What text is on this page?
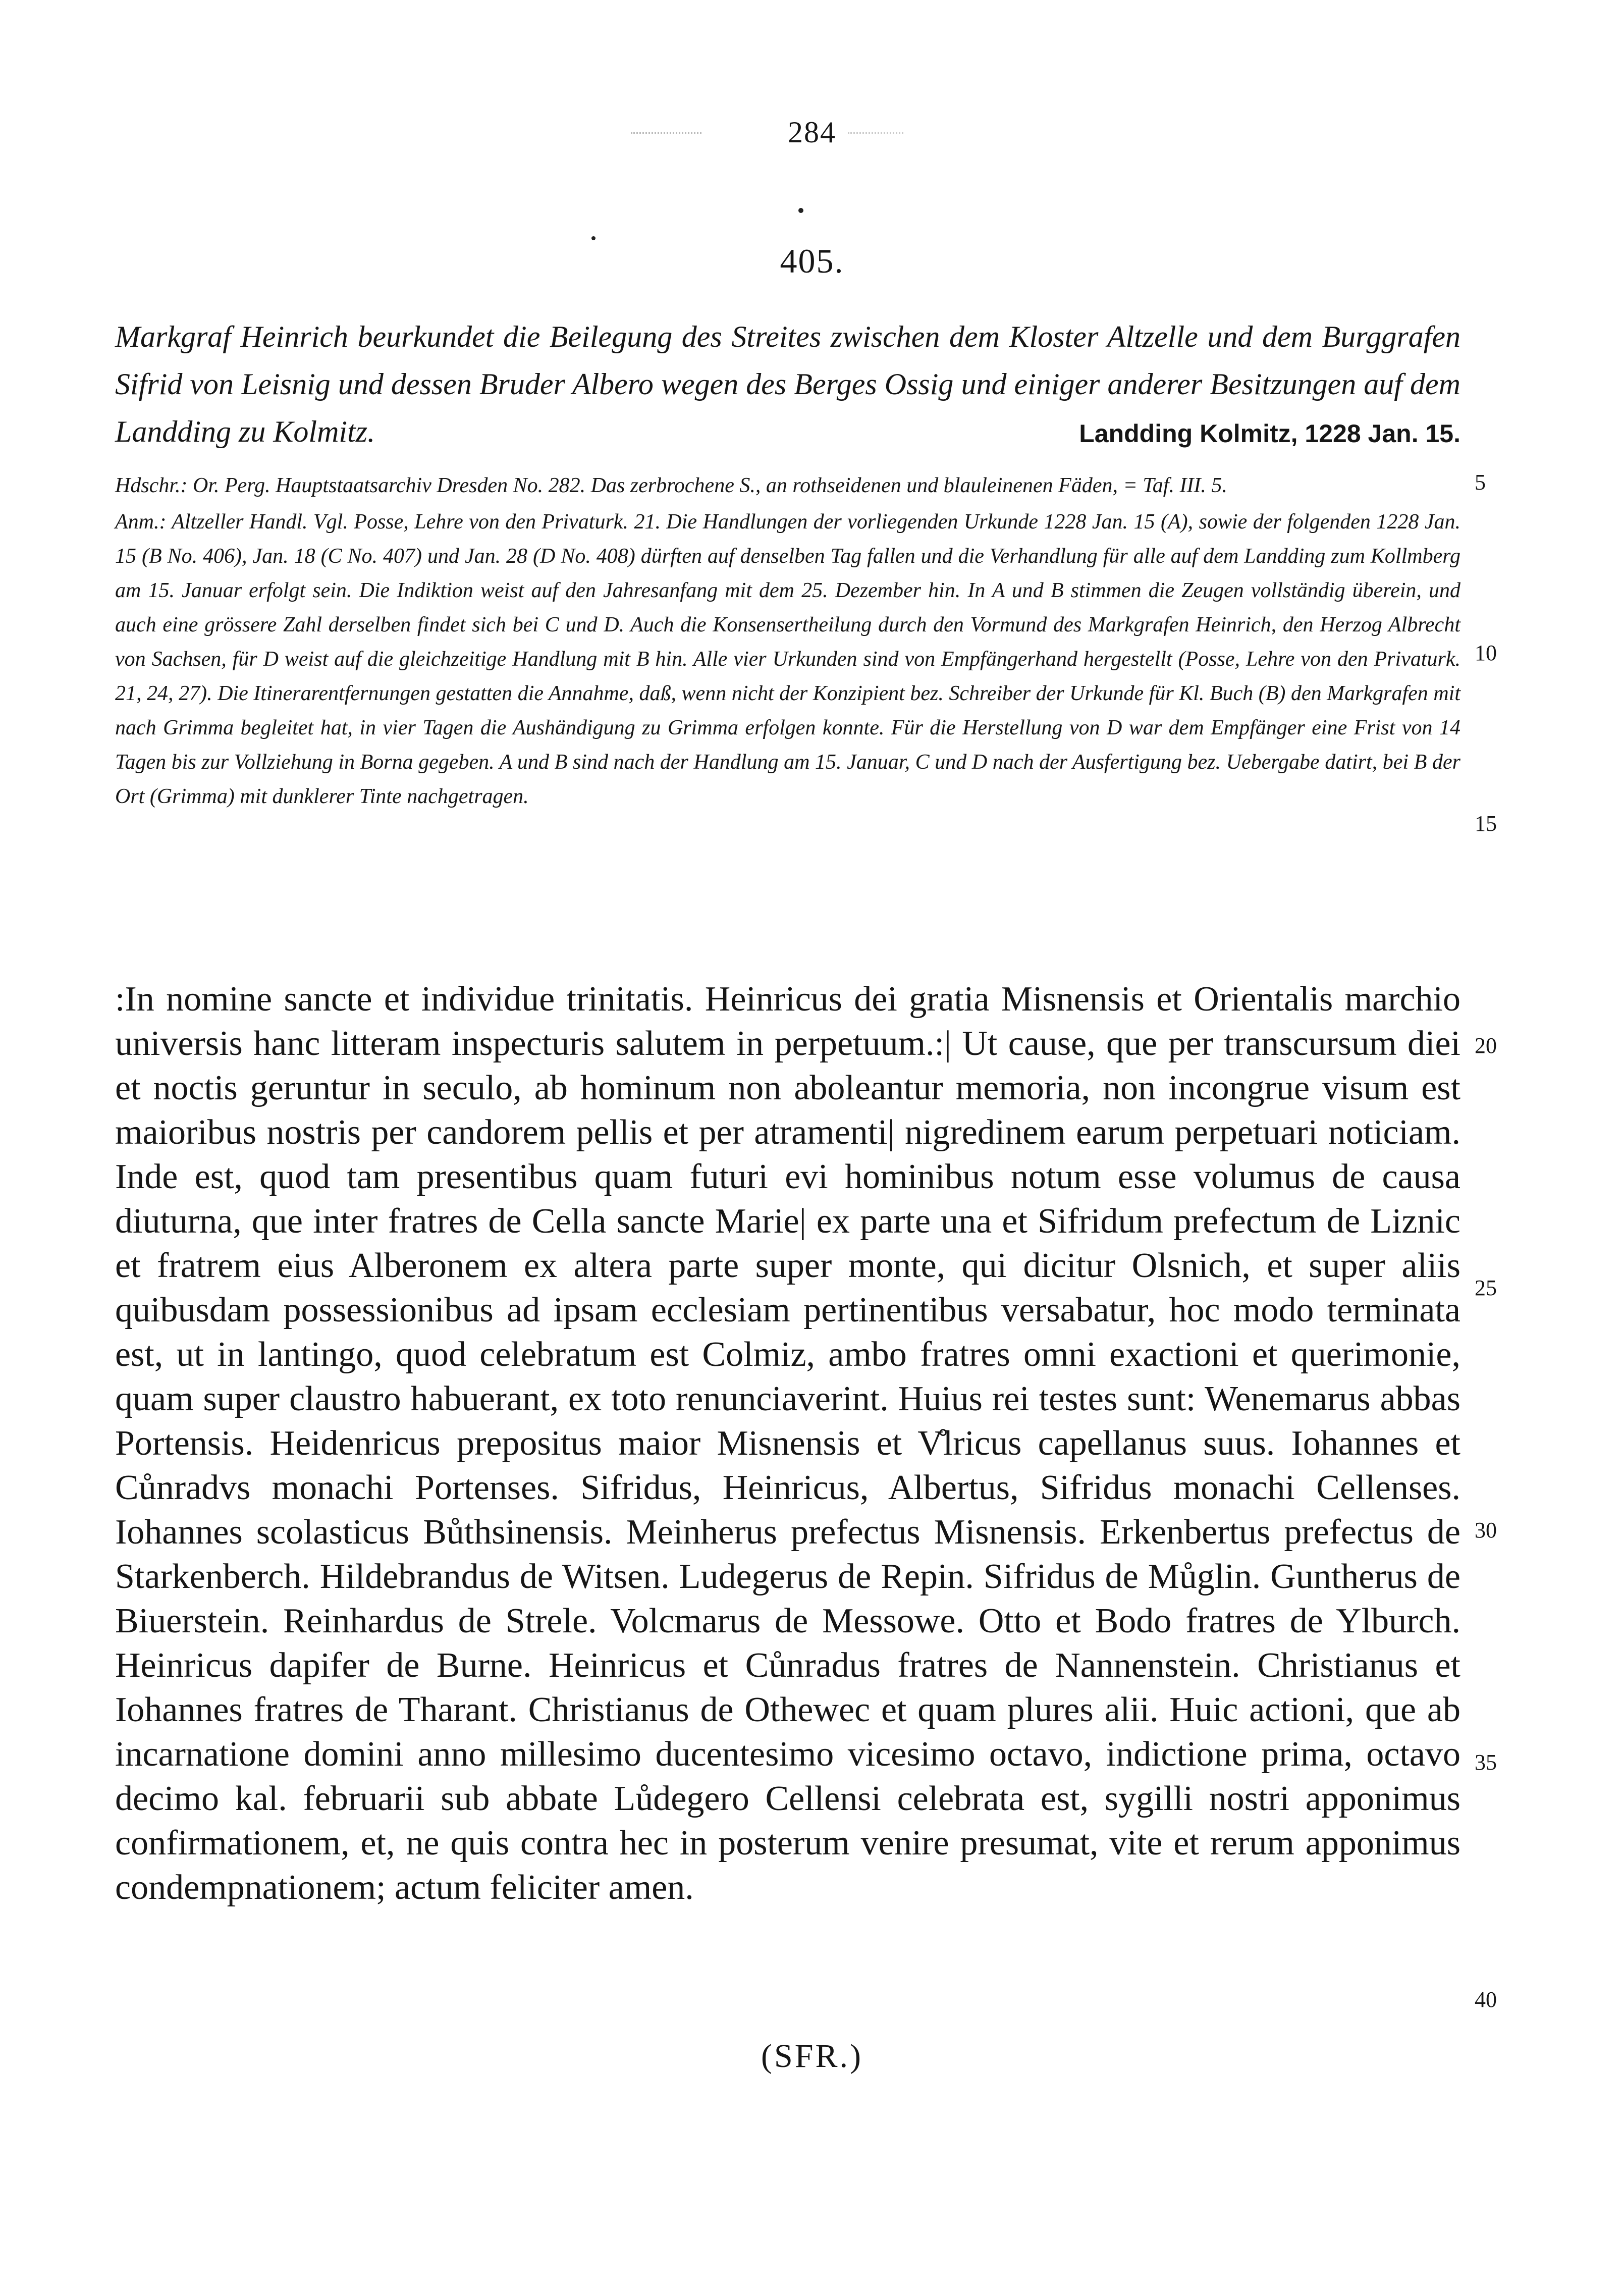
284
405.
Markgraf Heinrich beurkundet die Beilegung des Streites zwischen dem Kloster Altzelle und dem Burggrafen Sifrid von Leisnig und dessen Bruder Albero wegen des Berges Ossig und einiger anderer Besitzungen auf dem Landding zu Kolmitz.	Landding Kolmitz, 1228 Jan. 15.

Hdschr.: Or. Perg. Hauptstaatsarchiv Dresden No. 282. Das zerbrochene S., an rothseidenen und blauleinenen Fäden, = Taf. III. 5.

Anm.: Altzeller Handl. Vgl. Posse, Lehre von den Privaturk. 21. Die Handlungen der vorliegenden Urkunde 1228 Jan. 15 (A), sowie der folgenden 1228 Jan. 15 (B No. 406), Jan. 18 (C No. 407) und Jan. 28 (D No. 408) dürften auf denselben Tag fallen und die Verhandlung für alle auf dem Landding zum Kollmberg am 15. Januar erfolgt sein. Die Indiktion weist auf den Jahresanfang mit dem 25. Dezember hin. In A und B stimmen die Zeugen vollständig überein, und auch eine grössere Zahl derselben findet sich bei C und D. Auch die Konsensertheilung durch den Vormund des Markgrafen Heinrich, den Herzog Albrecht von Sachsen, für D weist auf die gleichzeitige Handlung mit B hin. Alle vier Urkunden sind von Empfängerhand hergestellt (Posse, Lehre von den Privaturk. 21, 24, 27). Die Itinerarentfernungen gestatten die Annahme, daß, wenn nicht der Konzipient bez. Schreiber der Urkunde für Kl. Buch (B) den Markgrafen mit nach Grimma begleitet hat, in vier Tagen die Aushändigung zu Grimma erfolgen konnte. Für die Herstellung von D war dem Empfänger eine Frist von 14 Tagen bis zur Vollziehung in Borna gegeben. A und B sind nach der Handlung am 15. Januar, C und D nach der Ausfertigung bez. Uebergabe datirt, bei B der Ort (Grimma) mit dunklerer Tinte nachgetragen.

:In nomine sancte et individue trinitatis. Heinricus dei gratia Misnensis et Orientalis marchio universis hanc litteram inspecturis salutem in perpetuum.:| Ut cause, que per transcursum diei et noctis geruntur in seculo, ab hominum non aboleantur memoria, non incongrue visum est maioribus nostris per candorem pellis et per atramenti| nigredinem earum perpetuari noticiam. Inde est, quod tam presentibus quam futuri evi hominibus notum esse volumus de causa diuturna, que inter fratres de Cella sancte Marie| ex parte una et Sifridum prefectum de Liznic et fratrem eius Alberonem ex altera parte super monte, qui dicitur Olsnich, et super aliis quibusdam possessionibus ad ipsam ecclesiam pertinentibus versabatur, hoc modo terminata est, ut in lantingo, quod celebratum est Colmiz, ambo fratres omni exactioni et querimonie, quam super claustro habuerant, ex toto renunciaverint. Huius rei testes sunt: Wenemarus abbas Portensis. Heidenricus prepositus maior Misnensis et V̊lricus capellanus suus. Iohannes et Cůnradvs monachi Portenses. Sifridus, Heinricus, Albertus, Sifridus monachi Cellenses. Iohannes scolasticus Bůthsinensis. Meinherus prefectus Misnensis. Erkenbertus prefectus de Starkenberch. Hildebrandus de Witsen. Ludegerus de Repin. Sifridus de Můglin. Guntherus de Biuerstein. Reinhardus de Strele. Volcmarus de Messowe. Otto et Bodo fratres de Ylburch. Heinricus dapifer de Burne. Heinricus et Cůnradus fratres de Nannenstein. Christianus et Iohannes fratres de Tharant. Christianus de Othewec et quam plures alii. Huic actioni, que ab incarnatione domini anno millesimo ducentesimo vicesimo octavo, indictione prima, octavo decimo kal. februarii sub abbate Lůdegero Cellensi celebrata est, sygilli nostri apponimus confirmationem, et, ne quis contra hec in posterum venire presumat, vite et rerum apponimus condempnationem; actum feliciter amen.
(SFR.)
5
10
15
20
25
30
35
40
